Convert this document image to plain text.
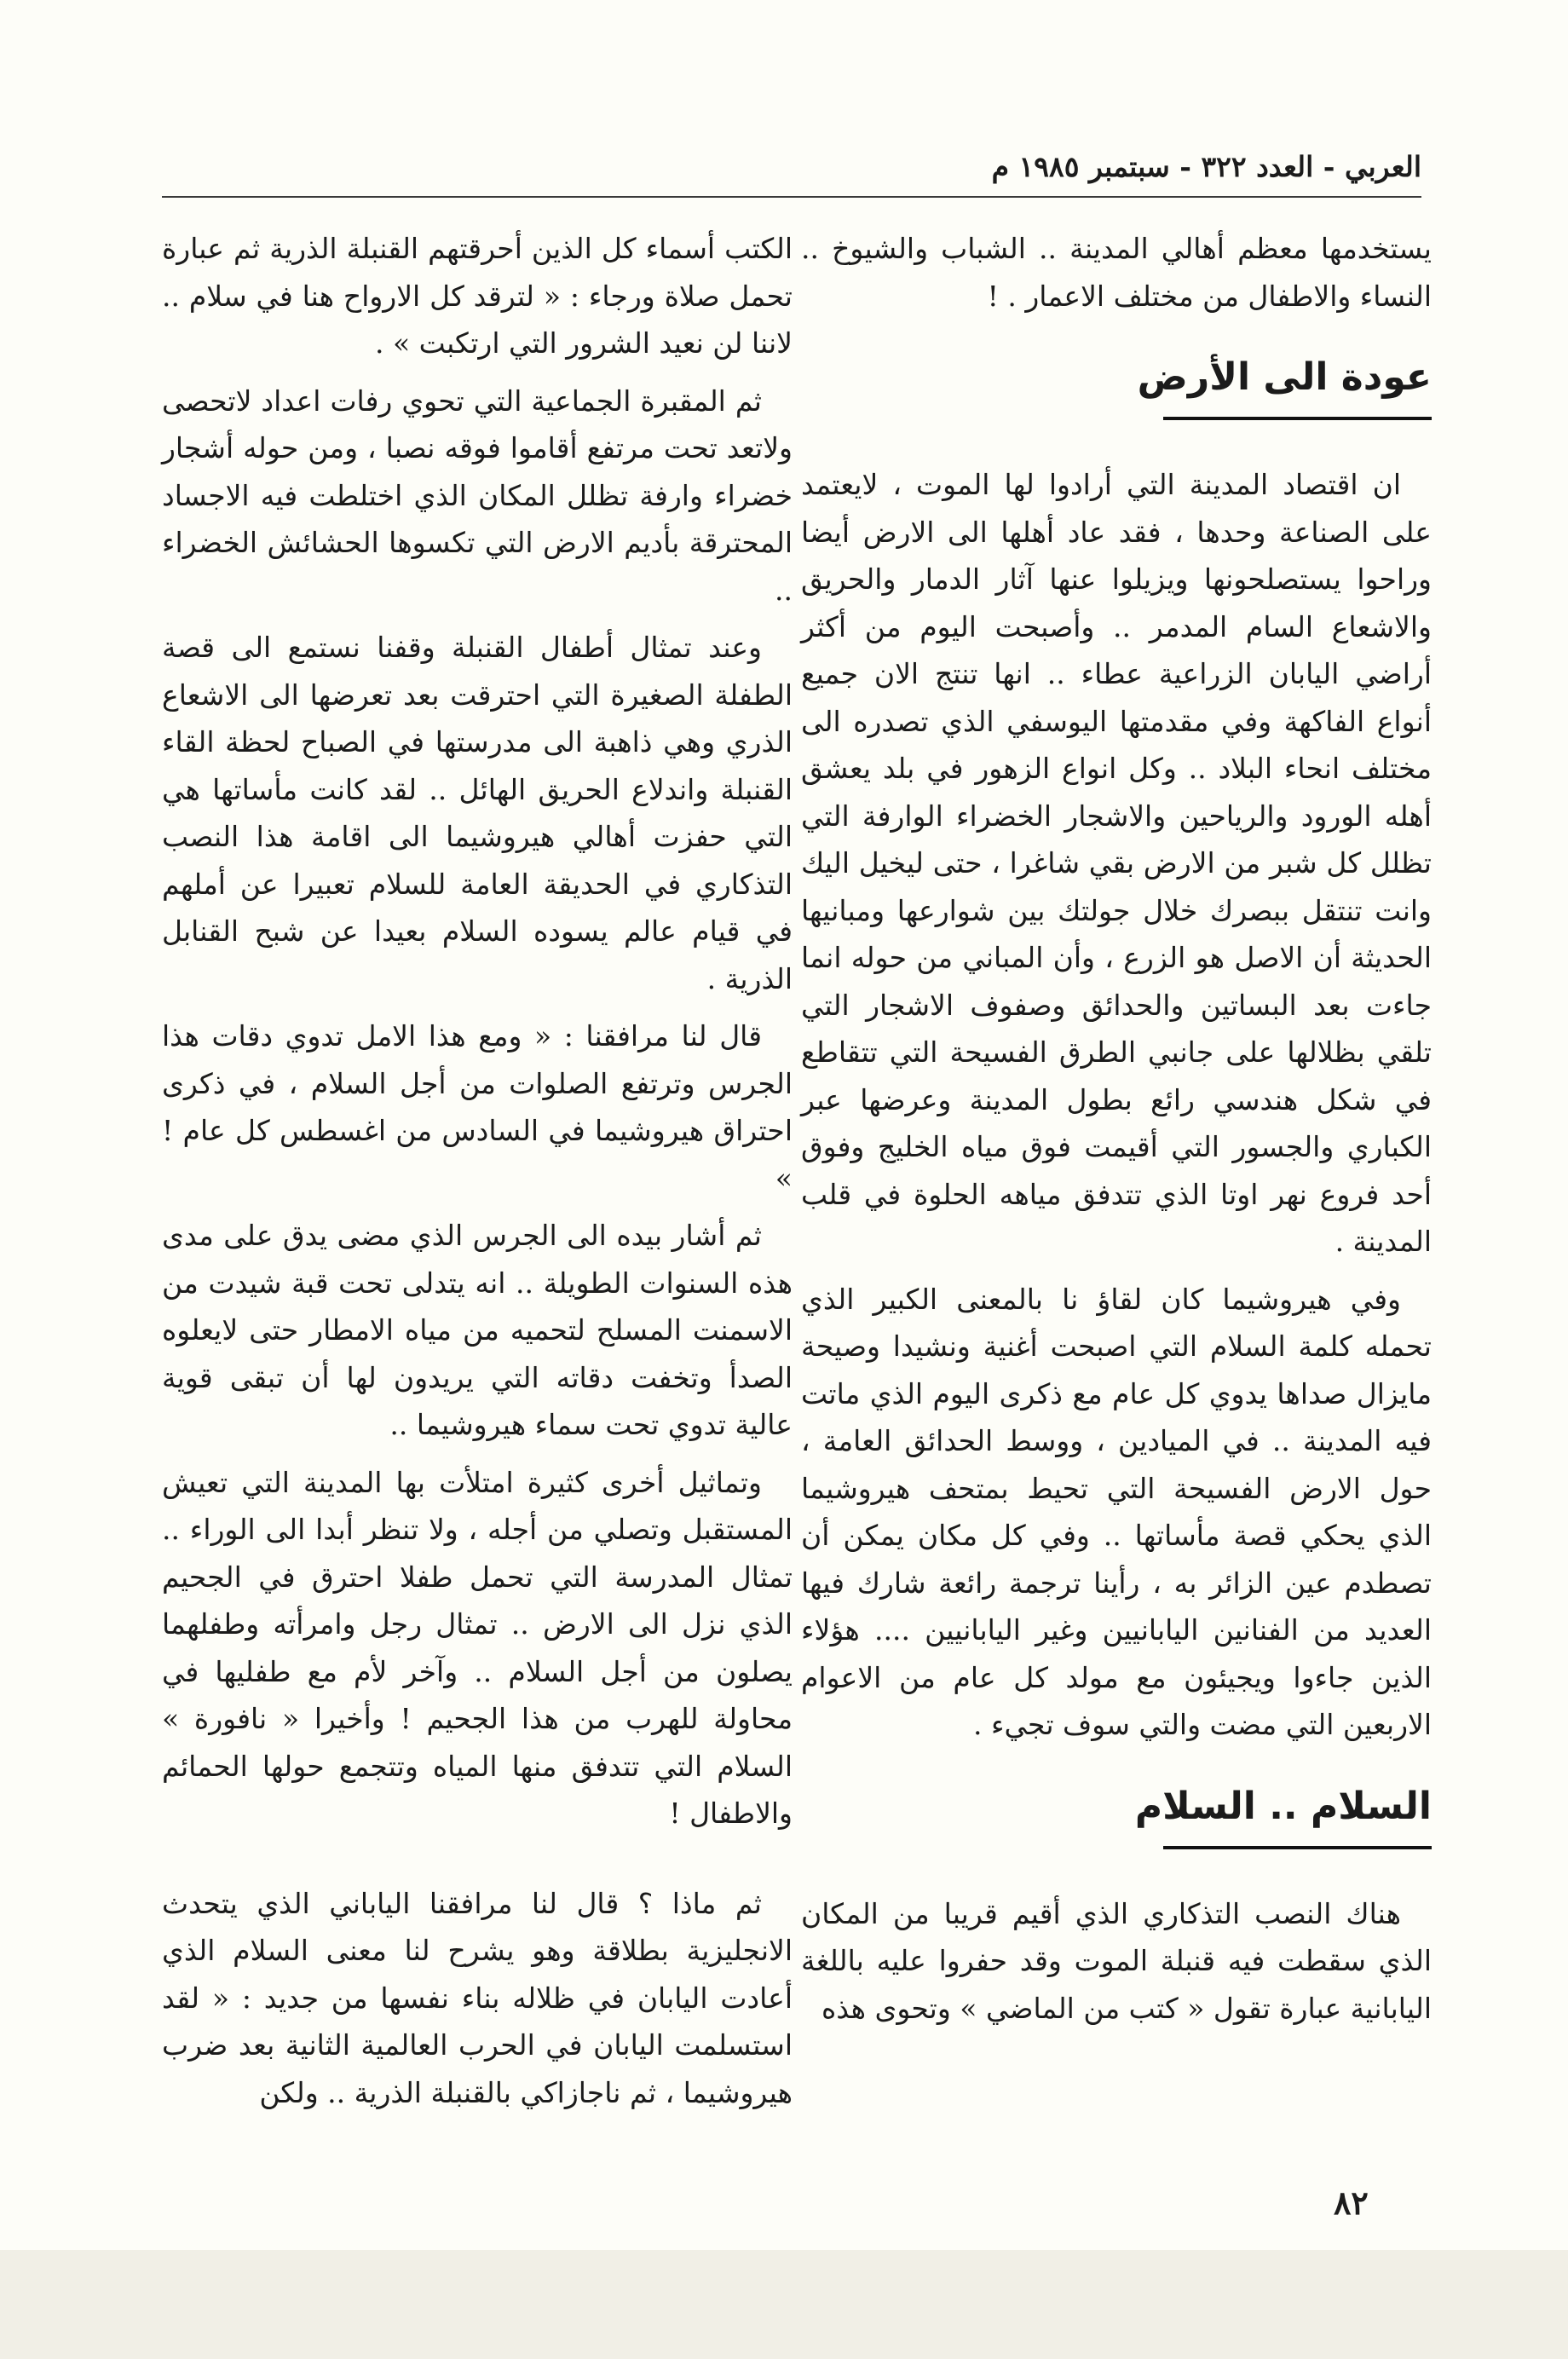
العربي - العدد ٣٢٢ - سبتمبر ١٩٨٥ م

يستخدمها معظم أهالي المدينة .. الشباب والشيوخ .. النساء والاطفال من مختلف الاعمار . !

عودة الى الأرض

ان اقتصاد المدينة التي أرادوا لها الموت ، لايعتمد على الصناعة وحدها ، فقد عاد أهلها الى الارض أيضا وراحوا يستصلحونها ويزيلوا عنها آثار الدمار والحريق والاشعاع السام المدمر .. وأصبحت اليوم من أكثر أراضي اليابان الزراعية عطاء .. انها تنتج الان جميع أنواع الفاكهة وفي مقدمتها اليوسفي الذي تصدره الى مختلف انحاء البلاد .. وكل انواع الزهور في بلد يعشق أهله الورود والرياحين والاشجار الخضراء الوارفة التي تظلل كل شبر من الارض بقي شاغرا ، حتى ليخيل اليك وانت تنتقل ببصرك خلال جولتك بين شوارعها ومبانيها الحديثة أن الاصل هو الزرع ، وأن المباني من حوله انما جاءت بعد البساتين والحدائق وصفوف الاشجار التي تلقي بظلالها على جانبي الطرق الفسيحة التي تتقاطع في شكل هندسي رائع بطول المدينة وعرضها عبر الكباري والجسور التي أقيمت فوق مياه الخليج وفوق أحد فروع نهر اوتا الذي تتدفق مياهه الحلوة في قلب المدينة .

وفي هيروشيما كان لقاؤ نا بالمعنى الكبير الذي تحمله كلمة السلام التي اصبحت أغنية ونشيدا وصيحة مايزال صداها يدوي كل عام مع ذكرى اليوم الذي ماتت فيه المدينة .. في الميادين ، ووسط الحدائق العامة ، حول الارض الفسيحة التي تحيط بمتحف هيروشيما الذي يحكي قصة مأساتها .. وفي كل مكان يمكن أن تصطدم عين الزائر به ، رأينا ترجمة رائعة شارك فيها العديد من الفنانين اليابانيين وغير اليابانيين .... هؤلاء الذين جاءوا ويجيئون مع مولد كل عام من الاعوام الاربعين التي مضت والتي سوف تجيء .

السلام .. السلام

هناك النصب التذكاري الذي أقيم قريبا من المكان الذي سقطت فيه قنبلة الموت وقد حفروا عليه باللغة اليابانية عبارة تقول « كتب من الماضي » وتحوى هذه

الكتب أسماء كل الذين أحرقتهم القنبلة الذرية ثم عبارة تحمل صلاة ورجاء : « لترقد كل الارواح هنا في سلام .. لاننا لن نعيد الشرور التي ارتكبت » .

ثم المقبرة الجماعية التي تحوي رفات اعداد لاتحصى ولاتعد تحت مرتفع أقاموا فوقه نصبا ، ومن حوله أشجار خضراء وارفة تظلل المكان الذي اختلطت فيه الاجساد المحترقة بأديم الارض التي تكسوها الحشائش الخضراء ..

وعند تمثال أطفال القنبلة وقفنا نستمع الى قصة الطفلة الصغيرة التي احترقت بعد تعرضها الى الاشعاع الذري وهي ذاهبة الى مدرستها في الصباح لحظة القاء القنبلة واندلاع الحريق الهائل .. لقد كانت مأساتها هي التي حفزت أهالي هيروشيما الى اقامة هذا النصب التذكاري في الحديقة العامة للسلام تعبيرا عن أملهم في قيام عالم يسوده السلام بعيدا عن شبح القنابل الذرية .

قال لنا مرافقنا : « ومع هذا الامل تدوي دقات هذا الجرس وترتفع الصلوات من أجل السلام ، في ذكرى احتراق هيروشيما في السادس من اغسطس كل عام ! »

ثم أشار بيده الى الجرس الذي مضى يدق على مدى هذه السنوات الطويلة .. انه يتدلى تحت قبة شيدت من الاسمنت المسلح لتحميه من مياه الامطار حتى لايعلوه الصدأ وتخفت دقاته التي يريدون لها أن تبقى قوية عالية تدوي تحت سماء هيروشيما ..

وتماثيل أخرى كثيرة امتلأت بها المدينة التي تعيش المستقبل وتصلي من أجله ، ولا تنظر أبدا الى الوراء .. تمثال المدرسة التي تحمل طفلا احترق في الجحيم الذي نزل الى الارض .. تمثال رجل وامرأته وطفلهما يصلون من أجل السلام .. وآخر لأم مع طفليها في محاولة للهرب من هذا الجحيم ! وأخيرا « نافورة » السلام التي تتدفق منها المياه وتتجمع حولها الحمائم والاطفال !

ثم ماذا ؟ قال لنا مرافقنا الياباني الذي يتحدث الانجليزية بطلاقة وهو يشرح لنا معنى السلام الذي أعادت اليابان في ظلاله بناء نفسها من جديد : « لقد استسلمت اليابان في الحرب العالمية الثانية بعد ضرب هيروشيما ، ثم ناجازاكي بالقنبلة الذرية .. ولكن

٨٢
